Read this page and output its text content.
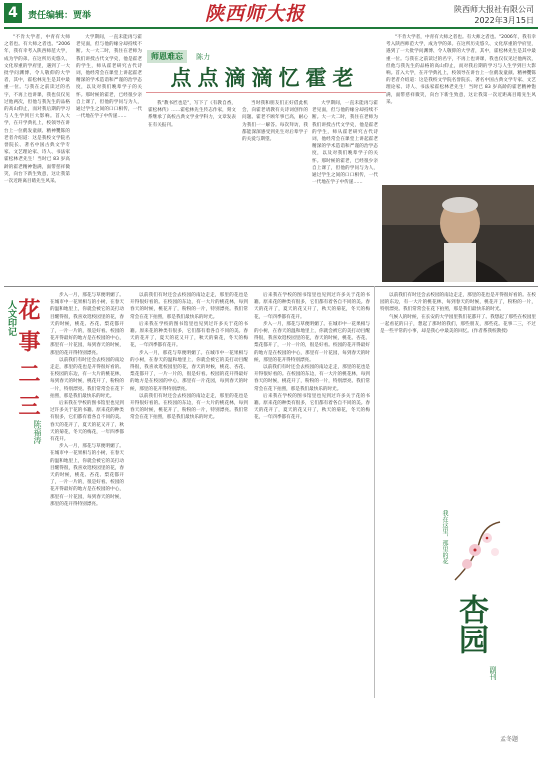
4	责任编辑：贾举	陕西师大报	陕西师大报社有限公司
2022年3月15日

"不肯大学者，中青有大师之者也。有大师之者也。"2006年，我有幸考入陕西师范大学，成为学的弟。在这所历史悠久、文化厚重的学府里，遇到了一大批学问渊博、令人敬仰的大学者，其中，霍松林先生是其中最重一位。与我在之前读过的名字，不再上也讲课，我也仅仅见过他两次，但他与我先生的品格的高山仰止，而对我后期的学习与人生学到巨大影响。首入大学，在开学典礼上，校领导在讲台上一位鹤发童颜、精神矍铄的老者介绍道：这是我校文学院名誉院长、著名中国古典文学专家、文艺理论家、诗人、书法家霍松林老先生！当时已 83 岁高龄的霍老精神饱满，面带慈祥微笑，向台下新生致意，这让我第一次近距离目睹先生风采。

大学期间，一直未能再与霍老见面，但与他的缘分却持续不断。大一大二时，我住在老师为我们讲授古代文学史，他是霍老的学生，师从霍老研究古代诗词，他经常会在课堂上讲起霍老精深的学术造诣和严谨的治学态度，以及对我们晚辈学子的关怀。那时候的霍老，已经很少亲自上课了，但他的学问与为人，通过学生之间的口口相传，一代一代地在学子中传递……

师恩难忘 陈力
点点滴滴忆霍老

我"教书匠也是"，写下了《有教自香，霍松林传》……霍松林先生传志作家，刻文系继承了高校古典文学业学科力，文章发表在有关报刊。

当时我和朋友们正好借此机会，向霍老请教有关诗词创作的问题。霍老不顾年事已高，耐心为我们一一解答。每次拜访，我都能深深感受到先生对后辈学子的关爱与期望。

大学期间，一直未能再与霍老见面，但与他的缘分却持续不断。大一大二时，我住在老师为我们讲授古代文学史，他是霍老的学生，师从霍老研究古代诗词，他经常会在课堂上讲起霍老精深的学术造诣和严谨的治学态度，以及对我们晚辈学子的关怀。那时候的霍老，已经很少亲自上课了，但他的学问与为人，通过学生之间的口口相传，一代一代地在学子中传递……

"不肯大学者，中青有大师之者也。有大师之者也。"2006年，我有幸考入陕西师范大学，成为学的弟。在这所历史悠久、文化厚重的学府里，遇到了一大批学问渊博、令人敬仰的大学者，其中，霍松林先生是其中最重一位。与我在之前读过的名字，不再上也讲课，我也仅仅见过他两次，但他与我先生的品格的高山仰止，而对我后期的学习与人生学到巨大影响。首入大学，在开学典礼上，校领导在讲台上一位鹤发童颜、精神矍铄的老者介绍道：这是我校文学院名誉院长、著名中国古典文学专家、文艺理论家、诗人、书法家霍松林老先生！当时已 83 岁高龄的霍老精神饱满，面带慈祥微笑，向台下新生致意，这让我第一次近距离目睹先生风采。

人文印记 花事二三
陈福涛

步入一月，那花与草便明媚了。在城市中一花果相与的小树，在春天的温和地里上，你就会被它的美打动目醒得很，我喜欢逛校园里的花，春天的时候，桃花、杏花、梨花都开了，一片一片的，很是好看。校园的花开得最好的地方是在校园的中心，那里有一片花园，每到春天的时候，那里的花开得特别漂亮。

以前我们有时还会去校园的南边走走，那里的花也是开得很好看的。在校园的东边，有一大片的桃花林，每到春天的时候，桃花开了，粉粉的一片，特别漂亮。我们常常会在花下拍照，那是我们最快乐的时光。

后来我在学校的图书馆里也见到过许多关于花的书籍。原来花的种类有很多，它们都有着各自不同的美。春天的花开了，夏天的花又开了，秋天的菊花，冬天的梅花，一年四季都有花开。

步入一月，那花与草便明媚了。在城市中一花果相与的小树，在春天的温和地里上，你就会被它的美打动目醒得很，我喜欢逛校园里的花，春天的时候，桃花、杏花、梨花都开了，一片一片的，很是好看。校园的花开得最好的地方是在校园的中心，那里有一片花园，每到春天的时候，那里的花开得特别漂亮。

以前我们有时还会去校园的南边走走，那里的花也是开得很好看的。在校园的东边，有一大片的桃花林，每到春天的时候，桃花开了，粉粉的一片，特别漂亮。我们常常会在花下拍照，那是我们最快乐的时光。

后来我在学校的图书馆里也见到过许多关于花的书籍。原来花的种类有很多，它们都有着各自不同的美。春天的花开了，夏天的花又开了，秋天的菊花，冬天的梅花，一年四季都有花开。

步入一月，那花与草便明媚了。在城市中一花果相与的小树，在春天的温和地里上，你就会被它的美打动目醒得很，我喜欢逛校园里的花，春天的时候，桃花、杏花、梨花都开了，一片一片的，很是好看。校园的花开得最好的地方是在校园的中心，那里有一片花园，每到春天的时候，那里的花开得特别漂亮。

以前我们有时还会去校园的南边走走，那里的花也是开得很好看的。在校园的东边，有一大片的桃花林，每到春天的时候，桃花开了，粉粉的一片，特别漂亮。我们常常会在花下拍照，那是我们最快乐的时光。

后来我在学校的图书馆里也见到过许多关于花的书籍。原来花的种类有很多，它们都有着各自不同的美。春天的花开了，夏天的花又开了，秋天的菊花，冬天的梅花，一年四季都有花开。

步入一月，那花与草便明媚了。在城市中一花果相与的小树，在春天的温和地里上，你就会被它的美打动目醒得很，我喜欢逛校园里的花，春天的时候，桃花、杏花、梨花都开了，一片一片的，很是好看。校园的花开得最好的地方是在校园的中心，那里有一片花园，每到春天的时候，那里的花开得特别漂亮。

以前我们有时还会去校园的南边走走，那里的花也是开得很好看的。在校园的东边，有一大片的桃花林，每到春天的时候，桃花开了，粉粉的一片，特别漂亮。我们常常会在花下拍照，那是我们最快乐的时光。

后来我在学校的图书馆里也见到过许多关于花的书籍。原来花的种类有很多，它们都有着各自不同的美。春天的花开了，夏天的花又开了，秋天的菊花，冬天的梅花，一年四季都有花开。

以前我们有时还会去校园的南边走走，那里的花也是开得很好看的。在校园的东边，有一大片的桃花林，每到春天的时候，桃花开了，粉粉的一片，特别漂亮。我们常常会在花下拍照，那是我们最快乐的时光。

气候人的时候，在长安的大学园里我们花都开了。我想起了那些在校园里一起看花的日子，想起了那时的我们，那些朋友，那些花。花事二三，不过是一些平常的小事，却是我心中最美的回忆。(作者系我校教授)

我在这里，那里的花
杏园
副刊
孟冬题
